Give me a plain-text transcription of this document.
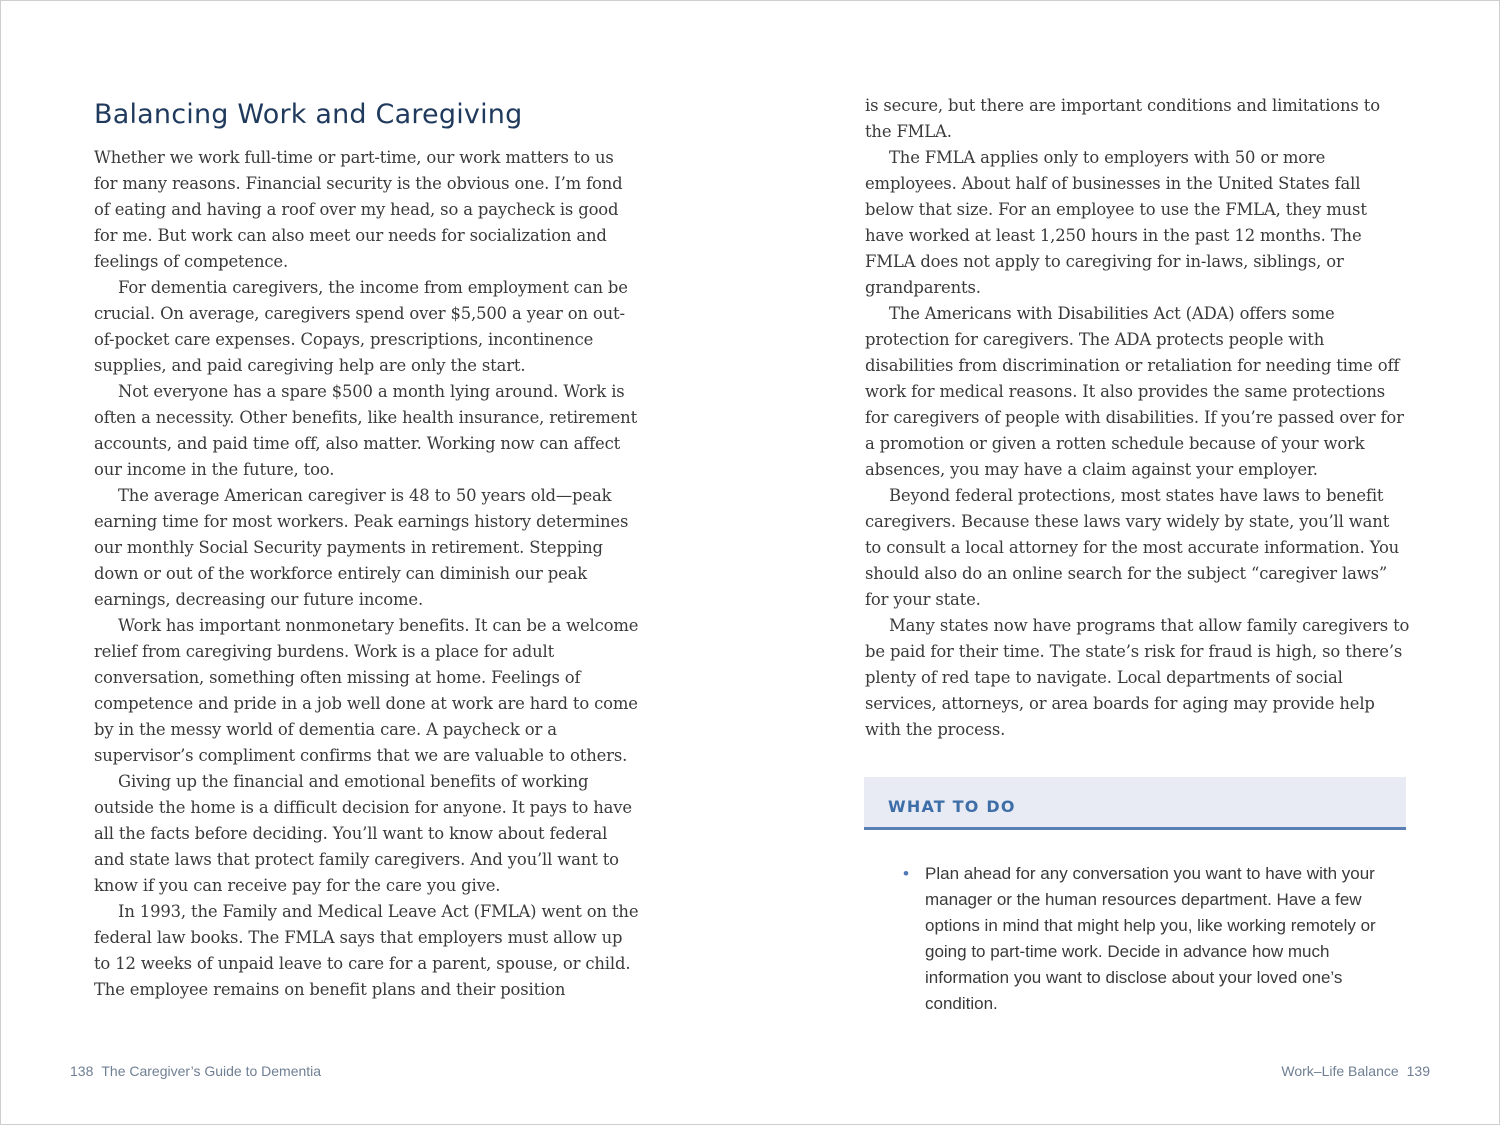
Balancing Work and Caregiving

Whether we work full-time or part-time, our work matters to us for many reasons. Financial security is the obvious one. I’m fond of eating and having a roof over my head, so a paycheck is good for me. But work can also meet our needs for socialization and feelings of competence.

For dementia caregivers, the income from employment can be crucial. On average, caregivers spend over $5,500 a year on out-of-pocket care expenses. Copays, prescriptions, incontinence supplies, and paid caregiving help are only the start.

Not everyone has a spare $500 a month lying around. Work is often a necessity. Other benefits, like health insurance, retirement accounts, and paid time off, also matter. Working now can affect our income in the future, too.

The average American caregiver is 48 to 50 years old—peak earning time for most workers. Peak earnings history determines our monthly Social Security payments in retirement. Stepping down or out of the workforce entirely can diminish our peak earnings, decreasing our future income.

Work has important nonmonetary benefits. It can be a welcome relief from caregiving burdens. Work is a place for adult conversation, something often missing at home. Feelings of competence and pride in a job well done at work are hard to come by in the messy world of dementia care. A paycheck or a supervisor’s compliment confirms that we are valuable to others.

Giving up the financial and emotional benefits of working outside the home is a difficult decision for anyone. It pays to have all the facts before deciding. You’ll want to know about federal and state laws that protect family caregivers. And you’ll want to know if you can receive pay for the care you give.

In 1993, the Family and Medical Leave Act (FMLA) went on the federal law books. The FMLA says that employers must allow up to 12 weeks of unpaid leave to care for a parent, spouse, or child. The employee remains on benefit plans and their position

is secure, but there are important conditions and limitations to the FMLA.

The FMLA applies only to employers with 50 or more employees. About half of businesses in the United States fall below that size. For an employee to use the FMLA, they must have worked at least 1,250 hours in the past 12 months. The FMLA does not apply to caregiving for in-laws, siblings, or grandparents.

The Americans with Disabilities Act (ADA) offers some protection for caregivers. The ADA protects people with disabilities from discrimination or retaliation for needing time off work for medical reasons. It also provides the same protections for caregivers of people with disabilities. If you’re passed over for a promotion or given a rotten schedule because of your work absences, you may have a claim against your employer.

Beyond federal protections, most states have laws to benefit caregivers. Because these laws vary widely by state, you’ll want to consult a local attorney for the most accurate information. You should also do an online search for the subject “caregiver laws” for your state.

Many states now have programs that allow family caregivers to be paid for their time. The state’s risk for fraud is high, so there’s plenty of red tape to navigate. Local departments of social services, attorneys, or area boards for aging may provide help with the process.

WHAT TO DO
• Plan ahead for any conversation you want to have with your manager or the human resources department. Have a few options in mind that might help you, like working remotely or going to part-time work. Decide in advance how much information you want to disclose about your loved one’s condition.
138 The Caregiver’s Guide to Dementia	Work–Life Balance 139
